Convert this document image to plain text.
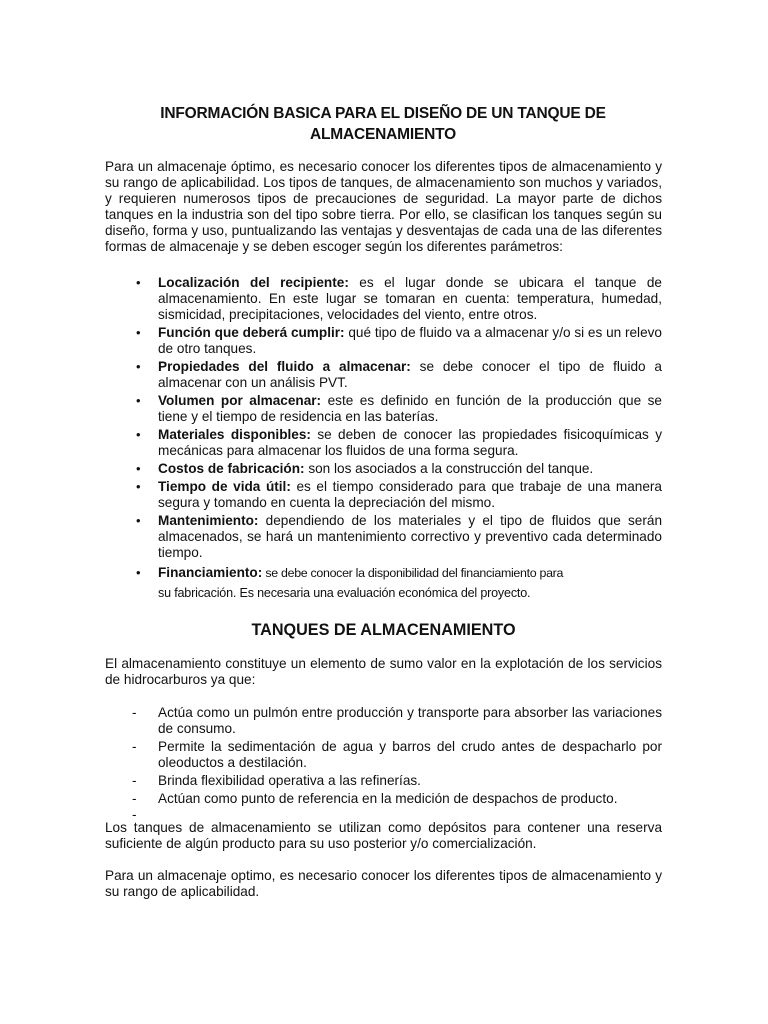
INFORMACIÓN BASICA PARA EL DISEÑO DE UN TANQUE DE
ALMACENAMIENTO

Para un almacenaje óptimo, es necesario conocer los diferentes tipos de almacenamiento y su rango de aplicabilidad. Los tipos de tanques, de almacenamiento son muchos y variados, y requieren numerosos tipos de precauciones de seguridad. La mayor parte de dichos tanques en la industria son del tipo sobre tierra. Por ello, se clasifican los tanques según su diseño, forma y uso, puntualizando las ventajas y desventajas de cada una de las diferentes formas de almacenaje y se deben escoger según los diferentes parámetros:

• Localización del recipiente: es el lugar donde se ubicara el tanque de almacenamiento. En este lugar se tomaran en cuenta: temperatura, humedad, sismicidad, precipitaciones, velocidades del viento, entre otros.
• Función que deberá cumplir: qué tipo de fluido va a almacenar y/o si es un relevo de otro tanques.
• Propiedades del fluido a almacenar: se debe conocer el tipo de fluido a almacenar con un análisis PVT.
• Volumen por almacenar: este es definido en función de la producción que se tiene y el tiempo de residencia en las baterías.
• Materiales disponibles: se deben de conocer las propiedades fisicoquímicas y mecánicas para almacenar los fluidos de una forma segura.
• Costos de fabricación: son los asociados a la construcción del tanque.
• Tiempo de vida útil: es el tiempo considerado para que trabaje de una manera segura y tomando en cuenta la depreciación del mismo.
• Mantenimiento: dependiendo de los materiales y el tipo de fluidos que serán almacenados, se hará un mantenimiento correctivo y preventivo cada determinado tiempo.
• Financiamiento: se debe conocer la disponibilidad del financiamiento para
su fabricación. Es necesaria una evaluación económica del proyecto.
TANQUES DE ALMACENAMIENTO

El almacenamiento constituye un elemento de sumo valor en la explotación de los servicios de hidrocarburos ya que:

- Actúa como un pulmón entre producción y transporte para absorber las variaciones de consumo.
- Permite la sedimentación de agua y barros del crudo antes de despacharlo por oleoductos a destilación.
- Brinda flexibilidad operativa a las refinerías.
- Actúan como punto de referencia en la medición de despachos de producto.
-

Los tanques de almacenamiento se utilizan como depósitos para contener una reserva suficiente de algún producto para su uso posterior y/o comercialización.

Para un almacenaje optimo, es necesario conocer los diferentes tipos de almacenamiento y su rango de aplicabilidad.
